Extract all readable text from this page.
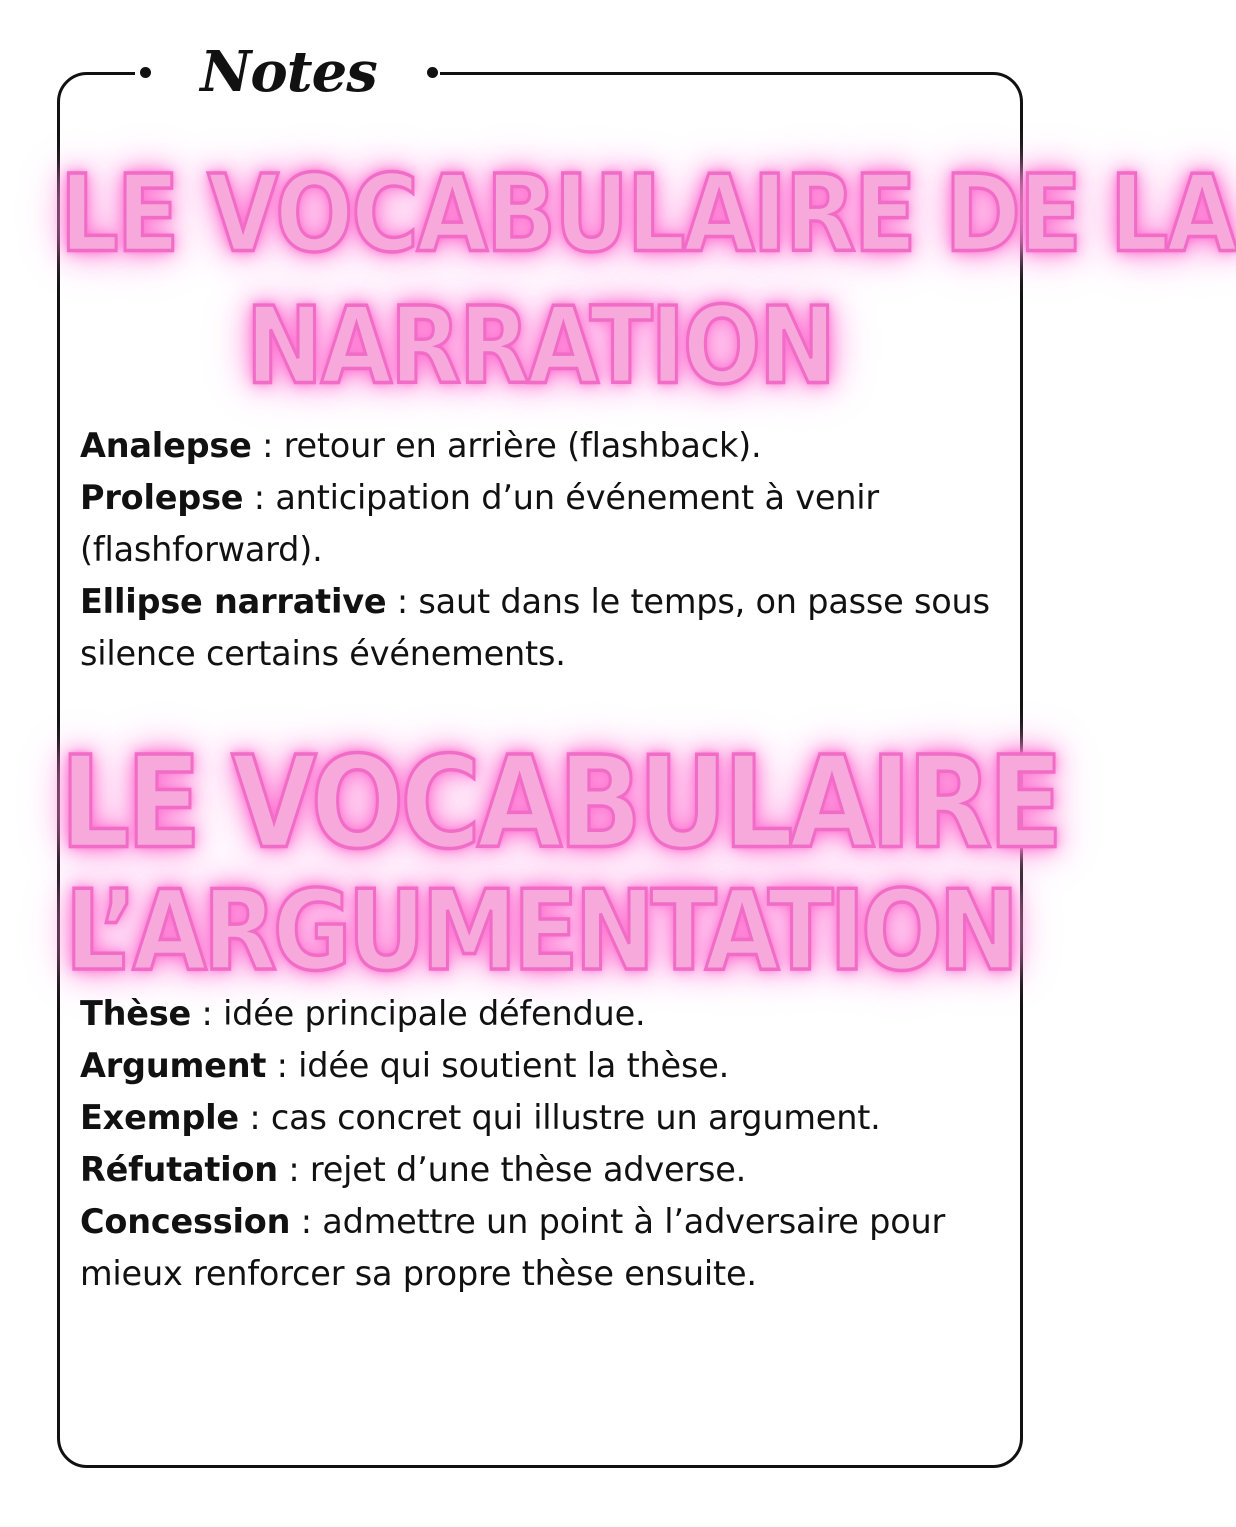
Notes
LE VOCABULAIRE DE LA
NARRATION
Analepse : retour en arrière (flashback).
Prolepse : anticipation d’un événement à venir (flashforward).
Ellipse narrative : saut dans le temps, on passe sous silence certains événements.
LE VOCABULAIRE
L’ARGUMENTATION
Thèse : idée principale défendue.
Argument : idée qui soutient la thèse.
Exemple : cas concret qui illustre un argument.
Réfutation : rejet d’une thèse adverse.
Concession : admettre un point à l’adversaire pour mieux renforcer sa propre thèse ensuite.
